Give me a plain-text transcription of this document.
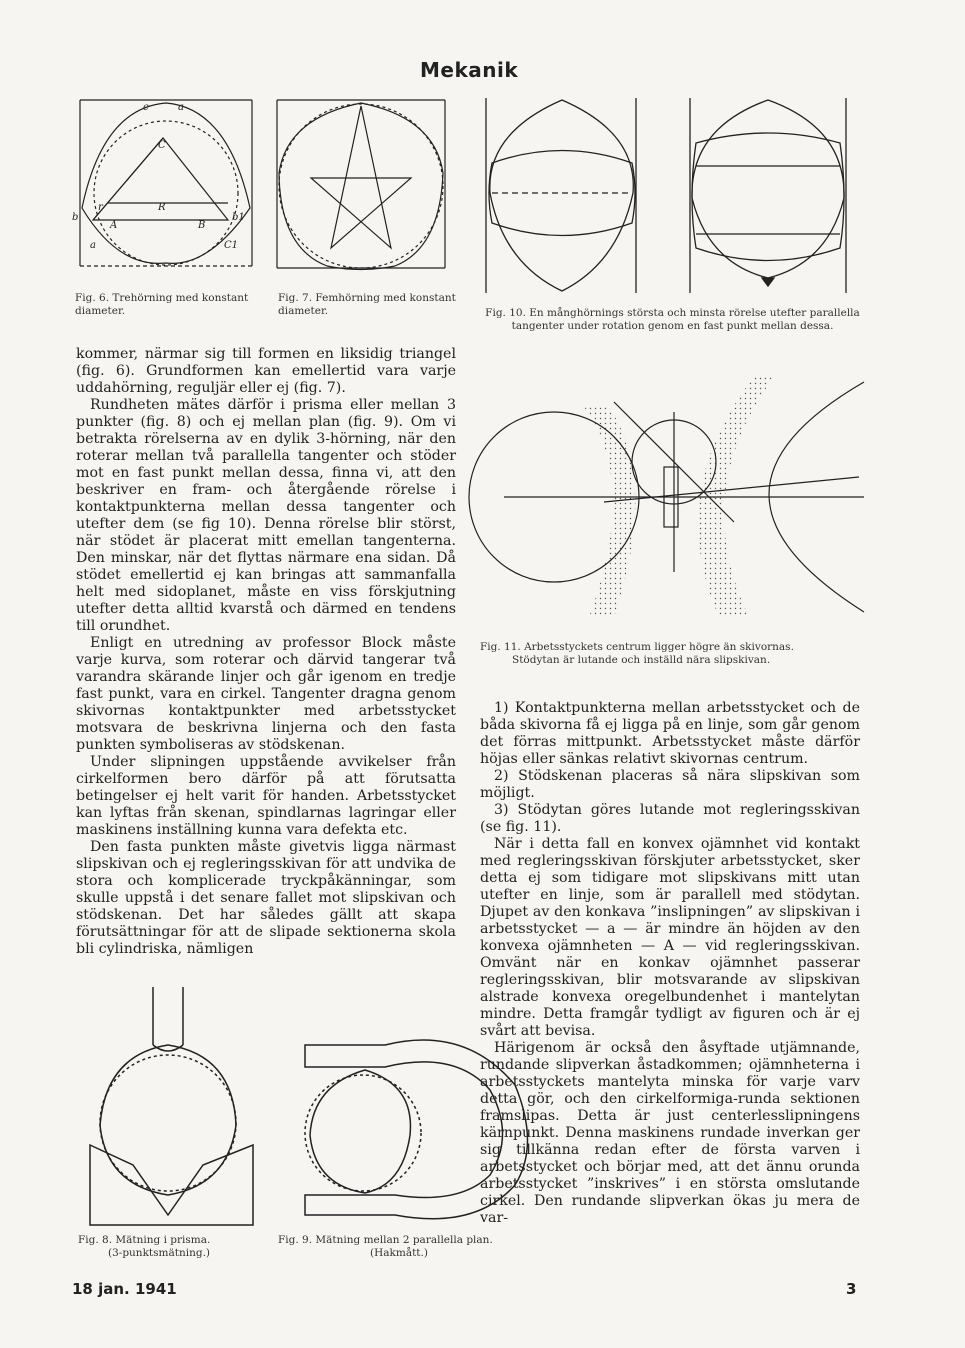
Mekanik
c	a
C
r	R
b
A	B
b1
a	C1
Fig. 6. Trehörning med konstant diameter.
Fig. 7. Femhörning med konstant diameter.	Fig. 10. En månghörnings största och minsta rörelse utefter parallella tangenter under rotation genom en fast punkt mellan dessa.
Fig. 11. Arbetsstyckets centrum ligger högre än skivornas.
Stödytan är lutande och inställd nära slipskivan.

kommer, närmar sig till formen en liksidig triangel (fig. 6). Grundformen kan emellertid vara varje uddahörning, reguljär eller ej (fig. 7).

Rundheten mätes därför i prisma eller mellan 3 punkter (fig. 8) och ej mellan plan (fig. 9). Om vi betrakta rörelserna av en dylik 3-hörning, när den roterar mellan två parallella tangenter och stöder mot en fast punkt mellan dessa, finna vi, att den beskriver en fram- och återgående rörelse i kontaktpunkterna mellan dessa tangenter och utefter dem (se fig 10). Denna rörelse blir störst, när stödet är placerat mitt emellan tangenterna. Den minskar, när det flyttas närmare ena sidan. Då stödet emellertid ej kan bringas att sammanfalla helt med sidoplanet, måste en viss förskjutning utefter detta alltid kvarstå och därmed en tendens till orundhet.

Enligt en utredning av professor Block måste varje kurva, som roterar och därvid tangerar två varandra skärande linjer och går igenom en tredje fast punkt, vara en cirkel. Tangenter dragna genom skivornas kontaktpunkter med arbetsstycket motsvara de beskrivna linjerna och den fasta punkten symboliseras av stödskenan.

Under slipningen uppstående avvikelser från cirkelformen bero därför på att förutsatta betingelser ej helt varit för handen. Arbetsstycket kan lyftas från skenan, spindlarnas lagringar eller maskinens inställning kunna vara defekta etc.

Den fasta punkten måste givetvis ligga närmast slipskivan och ej regleringsskivan för att undvika de stora och komplicerade tryckpåkänningar, som skulle uppstå i det senare fallet mot slipskivan och stödskenan. Det har således gällt att skapa förutsättningar för att de slipade sektionerna skola bli cylindriska, nämligen

1) Kontaktpunkterna mellan arbetsstycket och de båda skivorna få ej ligga på en linje, som går genom det förras mittpunkt. Arbetsstycket måste därför höjas eller sänkas relativt skivornas centrum.

2) Stödskenan placeras så nära slipskivan som möjligt.

3) Stödytan göres lutande mot regleringsskivan (se fig. 11).

När i detta fall en konvex ojämnhet vid kontakt med regleringsskivan förskjuter arbetsstycket, sker detta ej som tidigare mot slipskivans mitt utan utefter en linje, som är parallell med stödytan. Djupet av den konkava ”inslipningen” av slipskivan i arbetsstycket — a — är mindre än höjden av den konvexa ojämnheten — A — vid regleringsskivan. Omvänt när en konkav ojämnhet passerar regleringsskivan, blir motsvarande av slipskivan alstrade konvexa oregelbundenhet i mantelytan mindre. Detta framgår tydligt av figuren och är ej svårt att bevisa.

Härigenom är också den åsyftade utjämnande, rundande slipverkan åstadkommen; ojämnheterna i arbetsstyckets mantelyta minska för varje varv detta gör, och den cirkelformiga-runda sektionen framslipas. Detta är just centerlesslipningens kärnpunkt. Denna maskinens rundade inverkan ger sig tillkänna redan efter de första varven i arbetsstycket och börjar med, att det ännu orunda arbetsstycket ”inskrives” i en största omslutande cirkel. Den rundande slipverkan ökas ju mera de var-

Fig. 8. Mätning i prisma.
(3-punktsmätning.)
Fig. 9. Mätning mellan 2 parallella plan.
(Hakmått.)
18 jan. 1941	3
